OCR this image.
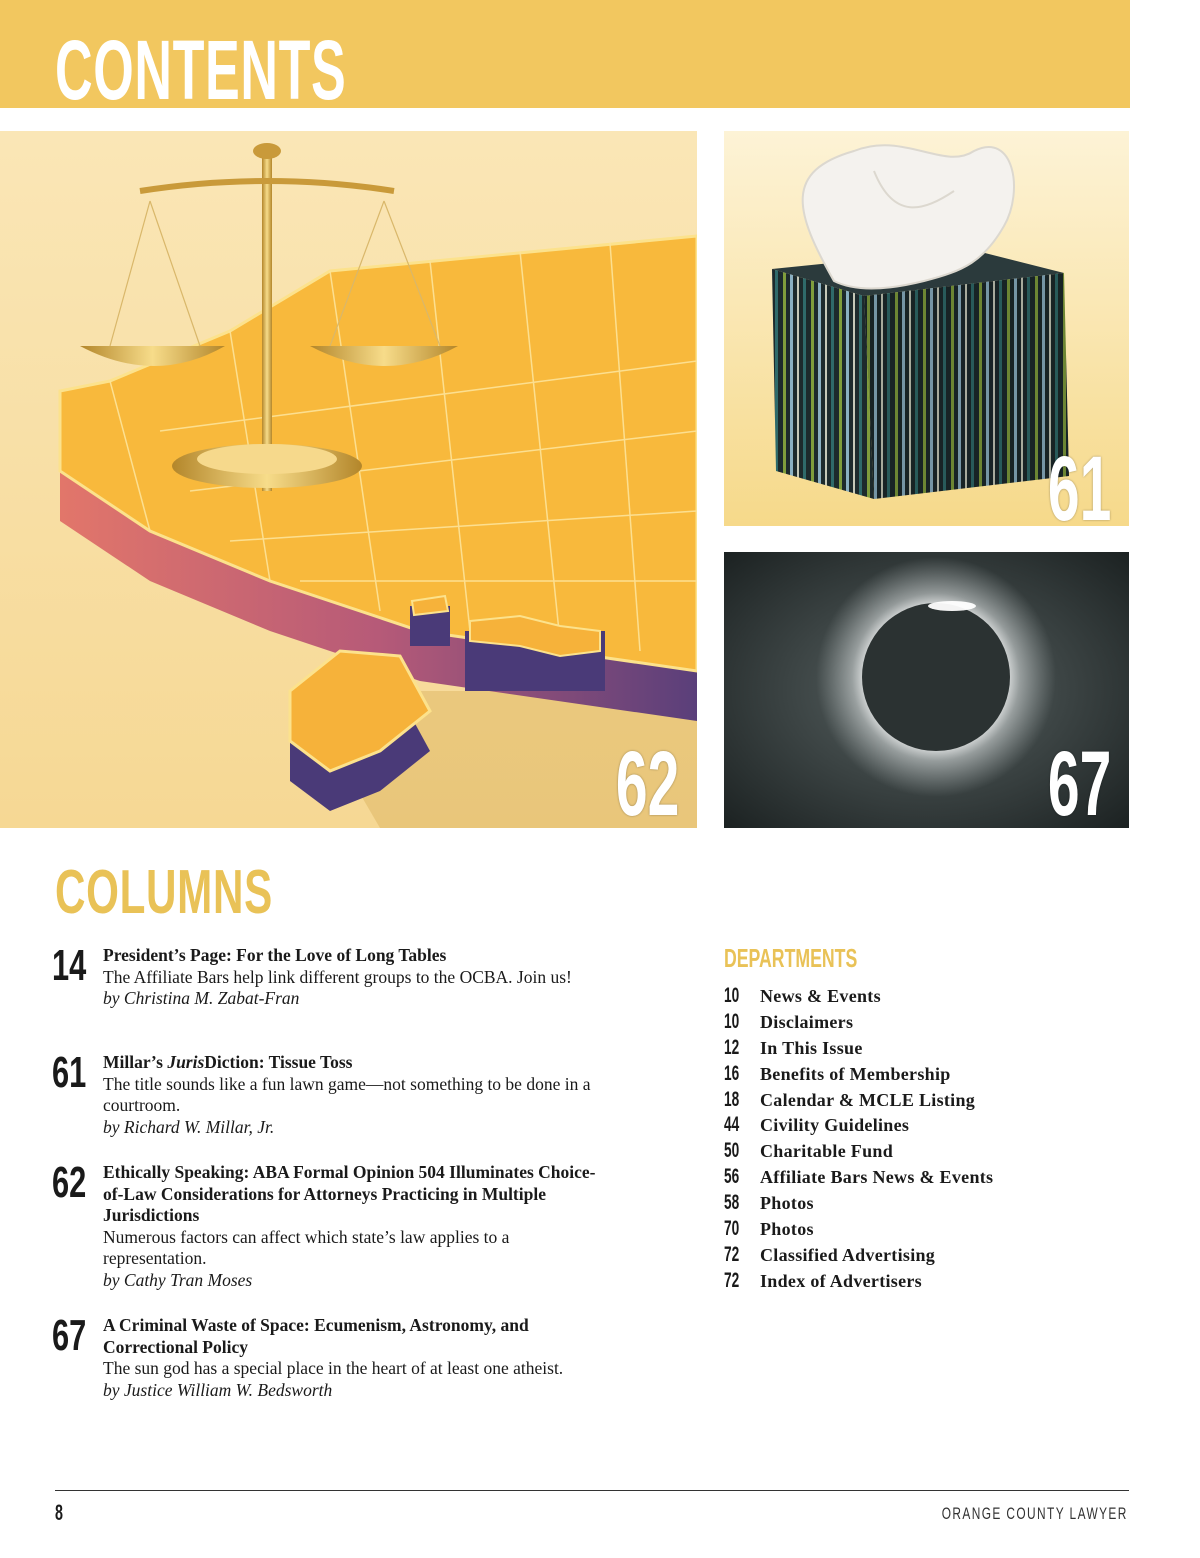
CONTENTS
62
61
67
COLUMNS
14 President’s Page: For the Love of Long Tables
The Affiliate Bars help link different groups to the OCBA. Join us!
by Christina M. Zabat-Fran
61 Millar’s JurisDiction: Tissue Toss
The title sounds like a fun lawn game—not something to be done in a courtroom.
by Richard W. Millar, Jr.
62 Ethically Speaking: ABA Formal Opinion 504 Illuminates Choice-of-Law Considerations for Attorneys Practicing in Multiple Jurisdictions
Numerous factors can affect which state’s law applies to a representation.
by Cathy Tran Moses
67 A Criminal Waste of Space: Ecumenism, Astronomy, and Correctional Policy
The sun god has a special place in the heart of at least one atheist.
by Justice William W. Bedsworth
DEPARTMENTS
10 News & Events
10 Disclaimers
12 In This Issue
16 Benefits of Membership
18 Calendar & MCLE Listing
44 Civility Guidelines
50 Charitable Fund
56 Affiliate Bars News & Events
58 Photos
70 Photos
72 Classified Advertising
72 Index of Advertisers
8	ORANGE COUNTY LAWYER
